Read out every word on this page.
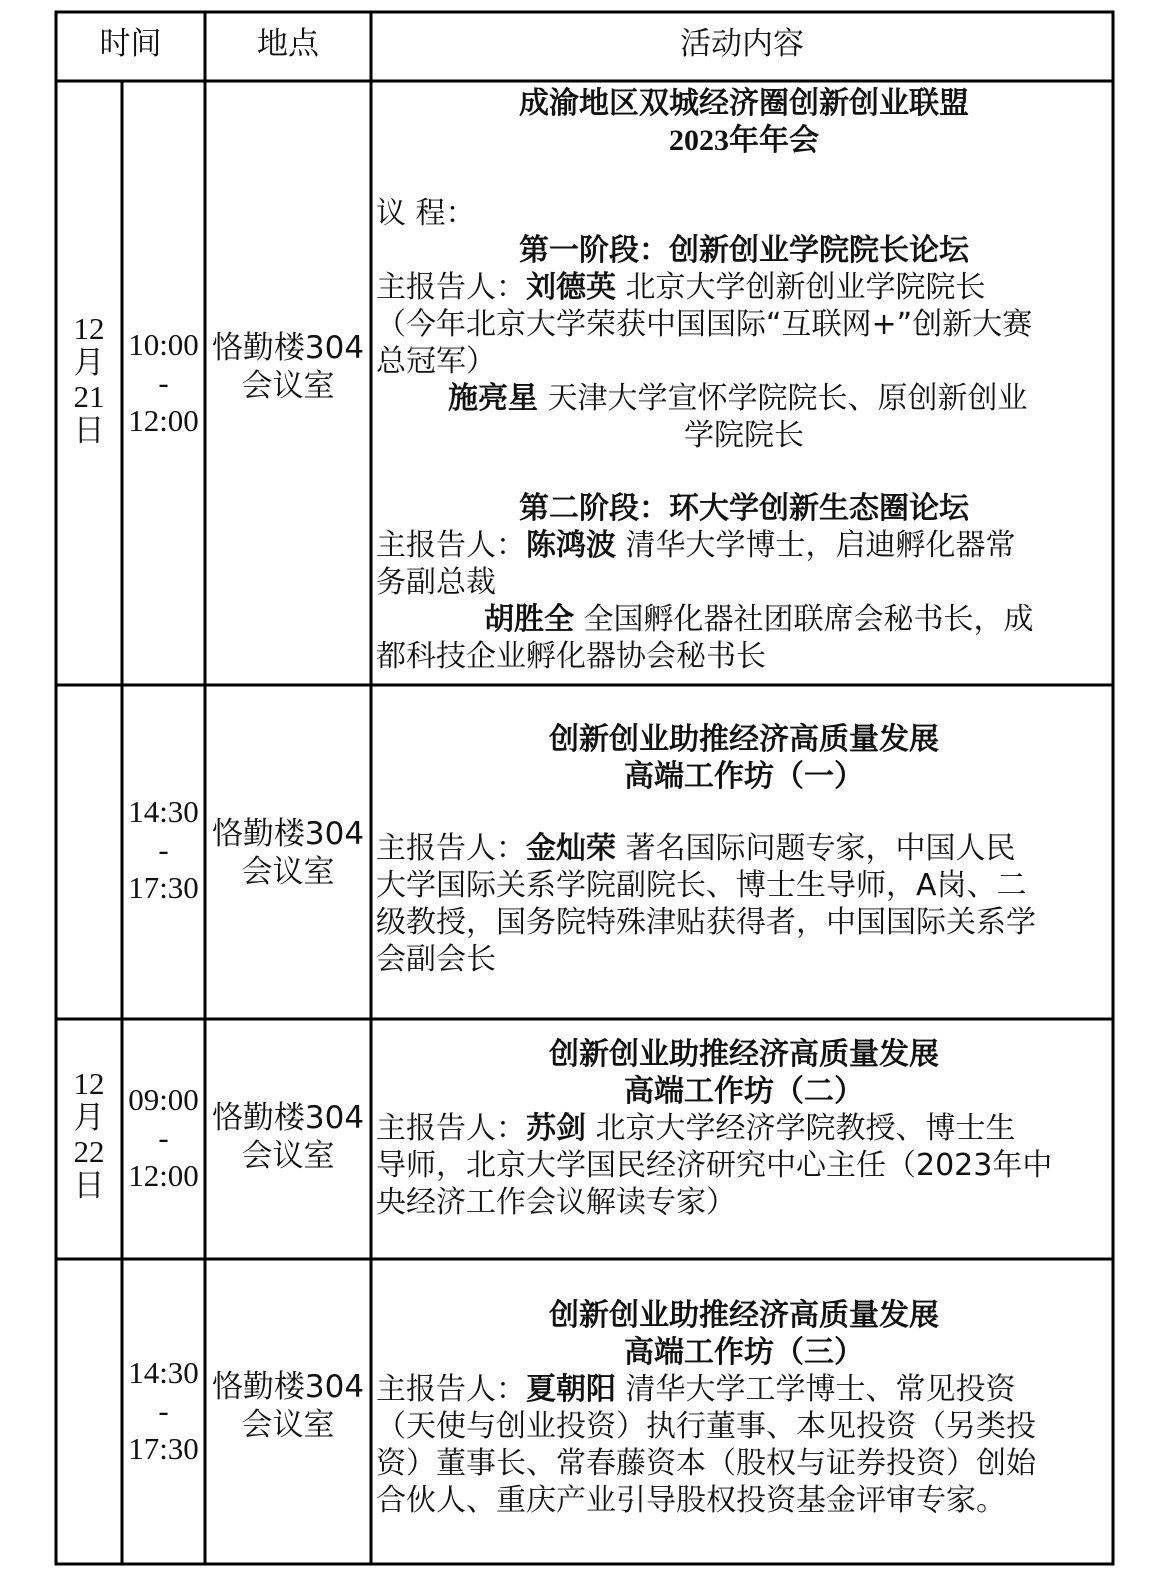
时间	地点	活动内容
12
月
21
日
10:00
-
12:00
恪勤楼304
会议室
成渝地区双城经济圈创新创业联盟
2023年年会
议 程：
第一阶段：创新创业学院院长论坛
主报告人：刘德英 北京大学创新创业学院院长
（今年北京大学荣获中国国际“互联网+”创新大赛
总冠军）
施亮星 天津大学宣怀学院院长、原创新创业
学院院长
第二阶段：环大学创新生态圈论坛
主报告人：陈鸿波 清华大学博士，启迪孵化器常
务副总裁
胡胜全 全国孵化器社团联席会秘书长，成
都科技企业孵化器协会秘书长
14:30
-
17:30
恪勤楼304
会议室
创新创业助推经济高质量发展
高端工作坊（一）
主报告人：金灿荣 著名国际问题专家，中国人民
大学国际关系学院副院长、博士生导师，A岗、二
级教授，国务院特殊津贴获得者，中国国际关系学
会副会长
12
月
22
日
09:00
-
12:00
恪勤楼304
会议室
创新创业助推经济高质量发展
高端工作坊（二）
主报告人：苏剑 北京大学经济学院教授、博士生
导师，北京大学国民经济研究中心主任（2023年中
央经济工作会议解读专家）
14:30
-
17:30
恪勤楼304
会议室
创新创业助推经济高质量发展
高端工作坊（三）
主报告人：夏朝阳 清华大学工学博士、常见投资
（天使与创业投资）执行董事、本见投资（另类投
资）董事长、常春藤资本（股权与证券投资）创始
合伙人、重庆产业引导股权投资基金评审专家。
